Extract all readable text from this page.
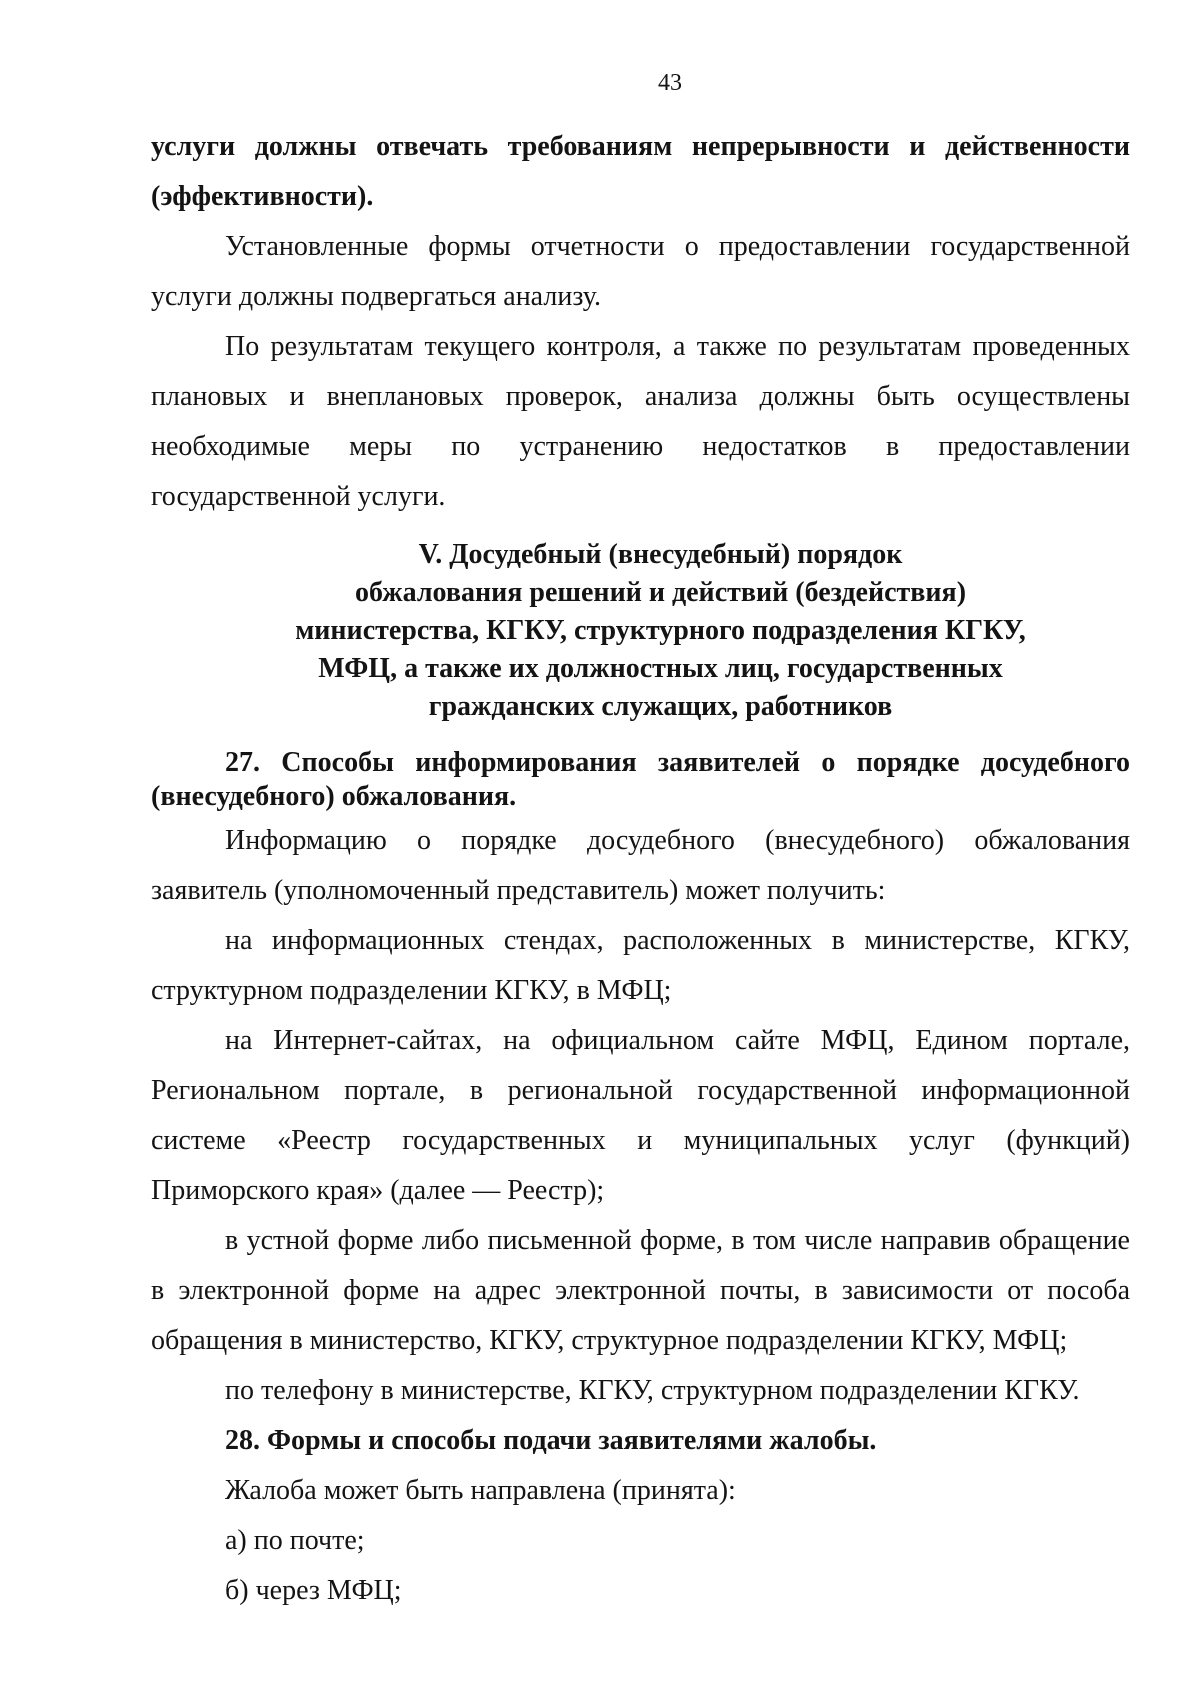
43

услуги должны отвечать требованиям непрерывности и действенности (эффективности).

Установленные формы отчетности о предоставлении государственной услуги должны подвергаться анализу.

По результатам текущего контроля, а также по результатам проведенных плановых и внеплановых проверок, анализа должны быть осуществлены необходимые меры по устранению недостатков в предоставлении государственной услуги.

V. Досудебный (внесудебный) порядок
обжалования решений и действий (бездействия)
министерства, КГКУ, структурного подразделения КГКУ,
МФЦ, а также их должностных лиц, государственных
гражданских служащих, работников

27. Способы информирования заявителей о порядке досудебного (внесудебного) обжалования.

Информацию о порядке досудебного (внесудебного) обжалования заявитель (уполномоченный представитель) может получить:

на информационных стендах, расположенных в министерстве, КГКУ, структурном подразделении КГКУ, в МФЦ;

на Интернет-сайтах, на официальном сайте МФЦ, Едином портале, Региональном портале, в региональной государственной информационной системе «Реестр государственных и муниципальных услуг (функций) Приморского края» (далее — Реестр);

в устной форме либо письменной форме, в том числе направив обращение в электронной форме на адрес электронной почты, в зависимости от пособа обращения в министерство, КГКУ, структурное подразделении КГКУ, МФЦ;

по телефону в министерстве, КГКУ, структурном подразделении КГКУ.

28. Формы и способы подачи заявителями жалобы.

Жалоба может быть направлена (принята):

а) по почте;

б) через МФЦ;
